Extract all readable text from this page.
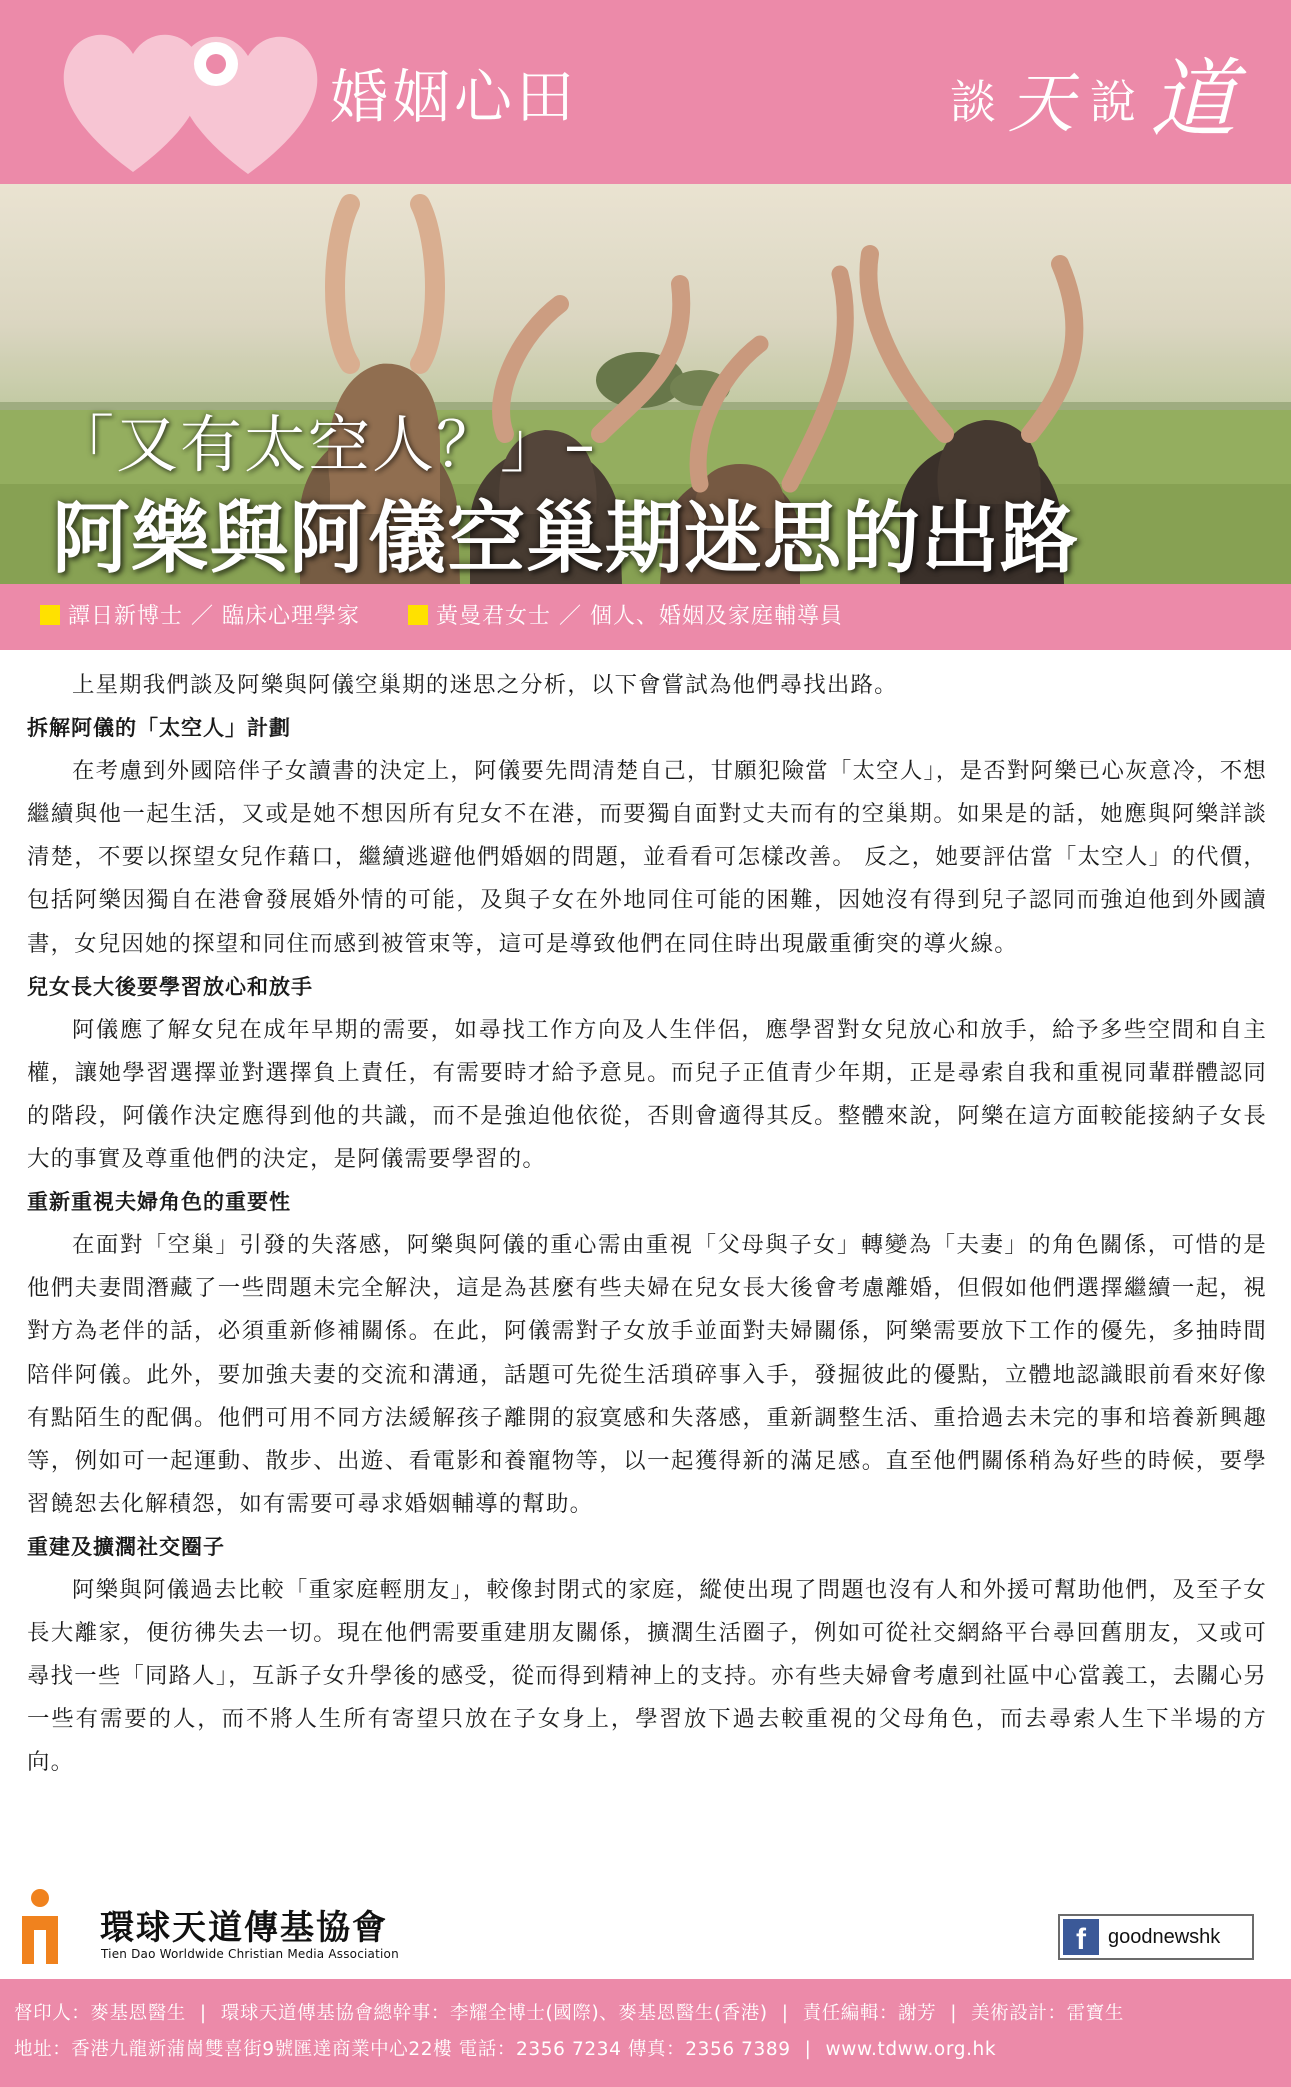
婚姻心田	談 天 說 道
「又有太空人？」–
阿樂與阿儀空巢期迷思的出路
譚日新博士 ／ 臨床心理學家	黃曼君女士 ／ 個人、婚姻及家庭輔導員

上星期我們談及阿樂與阿儀空巢期的迷思之分析，以下會嘗試為他們尋找出路。

拆解阿儀的「太空人」計劃

在考慮到外國陪伴子女讀書的決定上，阿儀要先問清楚自己，甘願犯險當「太空人」，是否對阿樂已心灰意冷，不想繼續與他一起生活，又或是她不想因所有兒女不在港，而要獨自面對丈夫而有的空巢期。如果是的話，她應與阿樂詳談清楚，不要以探望女兒作藉口，繼續逃避他們婚姻的問題，並看看可怎樣改善。 反之，她要評估當「太空人」的代價，包括阿樂因獨自在港會發展婚外情的可能，及與子女在外地同住可能的困難，因她沒有得到兒子認同而強迫他到外國讀書，女兒因她的探望和同住而感到被管束等，這可是導致他們在同住時出現嚴重衝突的導火線。

兒女長大後要學習放心和放手

阿儀應了解女兒在成年早期的需要，如尋找工作方向及人生伴侶，應學習對女兒放心和放手，給予多些空間和自主權，讓她學習選擇並對選擇負上責任，有需要時才給予意見。而兒子正值青少年期，正是尋索自我和重視同輩群體認同的階段，阿儀作決定應得到他的共識，而不是強迫他依從，否則會適得其反。整體來說，阿樂在這方面較能接納子女長大的事實及尊重他們的決定，是阿儀需要學習的。

重新重視夫婦角色的重要性

在面對「空巢」引發的失落感，阿樂與阿儀的重心需由重視「父母與子女」轉變為「夫妻」的角色關係，可惜的是他們夫妻間潛藏了一些問題未完全解決，這是為甚麼有些夫婦在兒女長大後會考慮離婚，但假如他們選擇繼續一起，視對方為老伴的話，必須重新修補關係。在此，阿儀需對子女放手並面對夫婦關係，阿樂需要放下工作的優先，多抽時間陪伴阿儀。此外，要加強夫妻的交流和溝通，話題可先從生活瑣碎事入手，發掘彼此的優點，立體地認識眼前看來好像有點陌生的配偶。他們可用不同方法緩解孩子離開的寂寞感和失落感，重新調整生活、重拾過去未完的事和培養新興趣等，例如可一起運動、散步、出遊、看電影和養寵物等，以一起獲得新的滿足感。直至他們關係稍為好些的時候，要學習饒恕去化解積怨，如有需要可尋求婚姻輔導的幫助。

重建及擴濶社交圈子

阿樂與阿儀過去比較「重家庭輕朋友」，較像封閉式的家庭，縱使出現了問題也沒有人和外援可幫助他們，及至子女長大離家，便彷彿失去一切。現在他們需要重建朋友關係，擴濶生活圈子，例如可從社交網絡平台尋回舊朋友，又或可尋找一些「同路人」，互訴子女升學後的感受，從而得到精神上的支持。亦有些夫婦會考慮到社區中心當義工，去關心另一些有需要的人，而不將人生所有寄望只放在子女身上，學習放下過去較重視的父母角色，而去尋索人生下半場的方向。

環球天道傳基協會
Tien Dao Worldwide Christian Media Association	f	goodnewshk
督印人：麥基恩醫生 | 環球天道傳基協會總幹事：李耀全博士(國際)、麥基恩醫生(香港) | 責任編輯：謝芳 | 美術設計：雷寶生
地址：香港九龍新蒲崗雙喜街9號匯達商業中心22樓 電話：2356 7234 傳真：2356 7389 | www.tdww.org.hk
